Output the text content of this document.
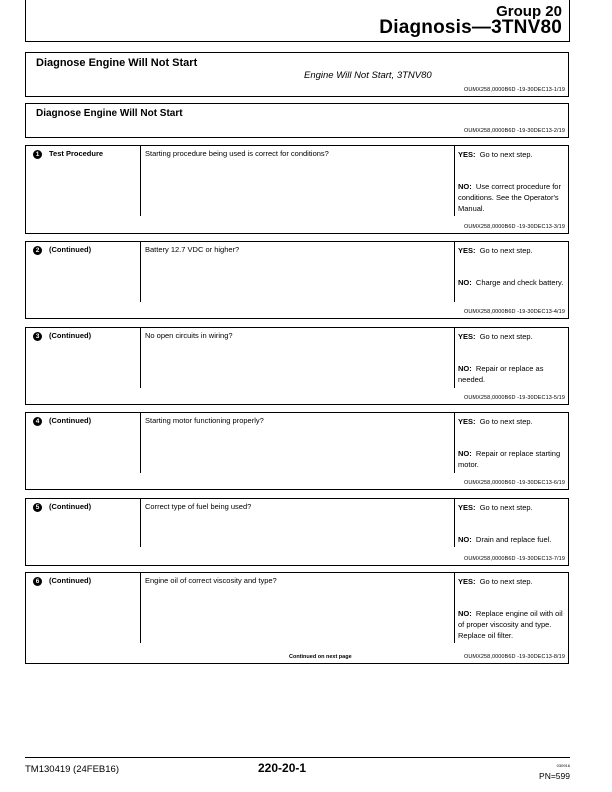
Group 20
Diagnosis—3TNV80
Diagnose Engine Will Not Start
Engine Will Not Start, 3TNV80
OUMX258,0000B6D -19-30DEC13-1/19
Diagnose Engine Will Not Start
OUMX258,0000B6D -19-30DEC13-2/19
1	Test Procedure	Starting procedure being used is correct for conditions?	YES: Go to next step.
NO: Use correct procedure for conditions. See the Operator's Manual.
OUMX258,0000B6D -19-30DEC13-3/19
2	(Continued)	Battery 12.7 VDC or higher?	YES: Go to next step.
NO: Charge and check battery.
OUMX258,0000B6D -19-30DEC13-4/19
3	(Continued)	No open circuits in wiring?	YES: Go to next step.
NO: Repair or replace as needed.
OUMX258,0000B6D -19-30DEC13-5/19
4	(Continued)	Starting motor functioning properly?	YES: Go to next step.
NO: Repair or replace starting motor.
OUMX258,0000B6D -19-30DEC13-6/19
5	(Continued)	Correct type of fuel being used?	YES: Go to next step.
NO: Drain and replace fuel.
OUMX258,0000B6D -19-30DEC13-7/19
6	(Continued)	Engine oil of correct viscosity and type?	YES: Go to next step.
NO: Replace engine oil with oil of proper viscosity and type. Replace oil filter.
Continued on next page	OUMX258,0000B6D -19-30DEC13-8/19
TM130419 (24FEB16)	220-20-1	030916
PN=599
